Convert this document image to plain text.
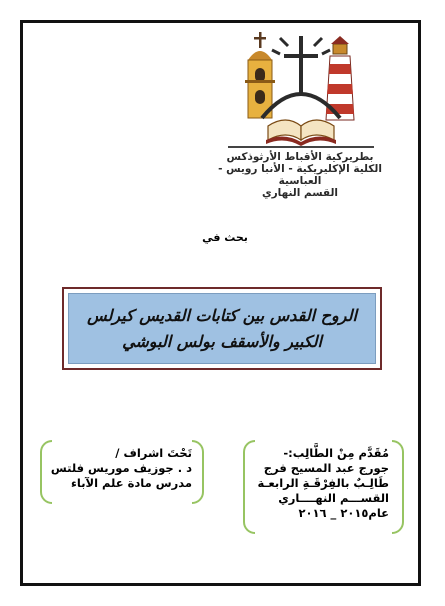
بطريركية الأقباط الأرثوذكس
الكلية الإكليريكية - الأنبا رويس - العباسية
القسم النهاري
بحث في
الروح القدس بين كتابات القديس كيرلس
الكبير والأسقف بولس البوشي
تَحْتَ اشراف /
د . جوزيف موريس فلتس
مدرس مادة علم الآباء
مُقَدَّم مِنْ الطَّالِب:-
جورج عبد المسيح فرج
طَالِـبٌ بالفِرْقَـةِ الرابعـة
القســـم النهــــاري
عام٢٠١٥ _ ٢٠١٦
